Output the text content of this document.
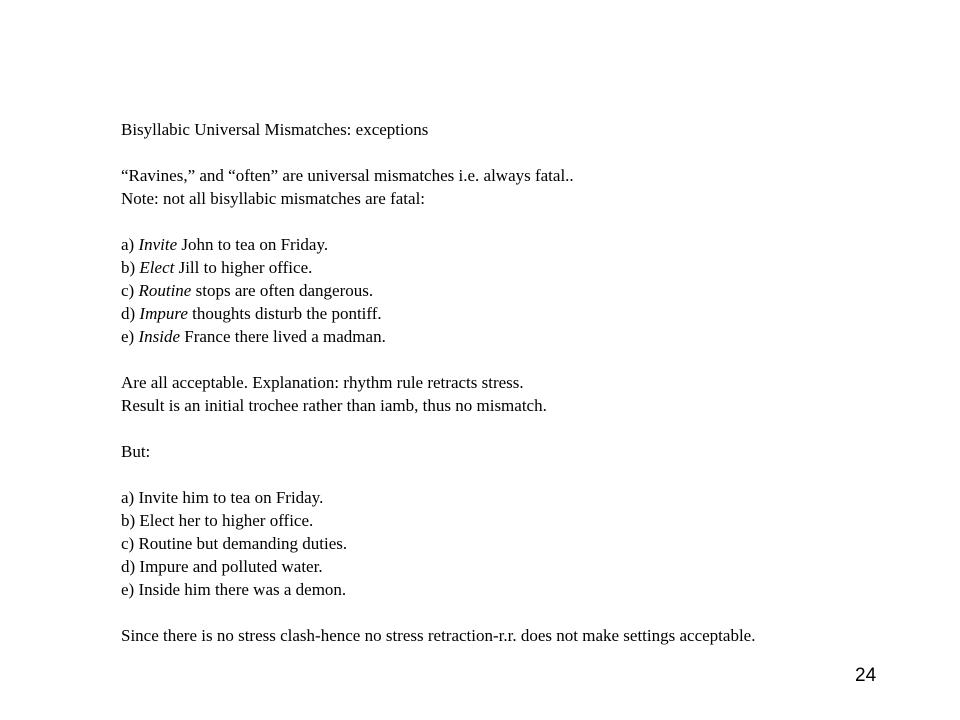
Bisyllabic Universal Mismatches: exceptions
“Ravines,” and “often” are universal mismatches i.e. always fatal..
Note: not all bisyllabic mismatches are fatal:
a) Invite John to tea on Friday.
b) Elect Jill to higher office.
c) Routine stops are often dangerous.
d) Impure thoughts disturb the pontiff.
e) Inside France there lived a madman.
Are all acceptable. Explanation: rhythm rule retracts stress.
Result is an initial trochee rather than iamb, thus no mismatch.
But:
a) Invite him to tea on Friday.
b) Elect her to higher office.
c) Routine but demanding duties.
d) Impure and polluted water.
e) Inside him there was a demon.
Since there is no stress clash-hence no stress retraction-r.r. does not make settings acceptable.
24
